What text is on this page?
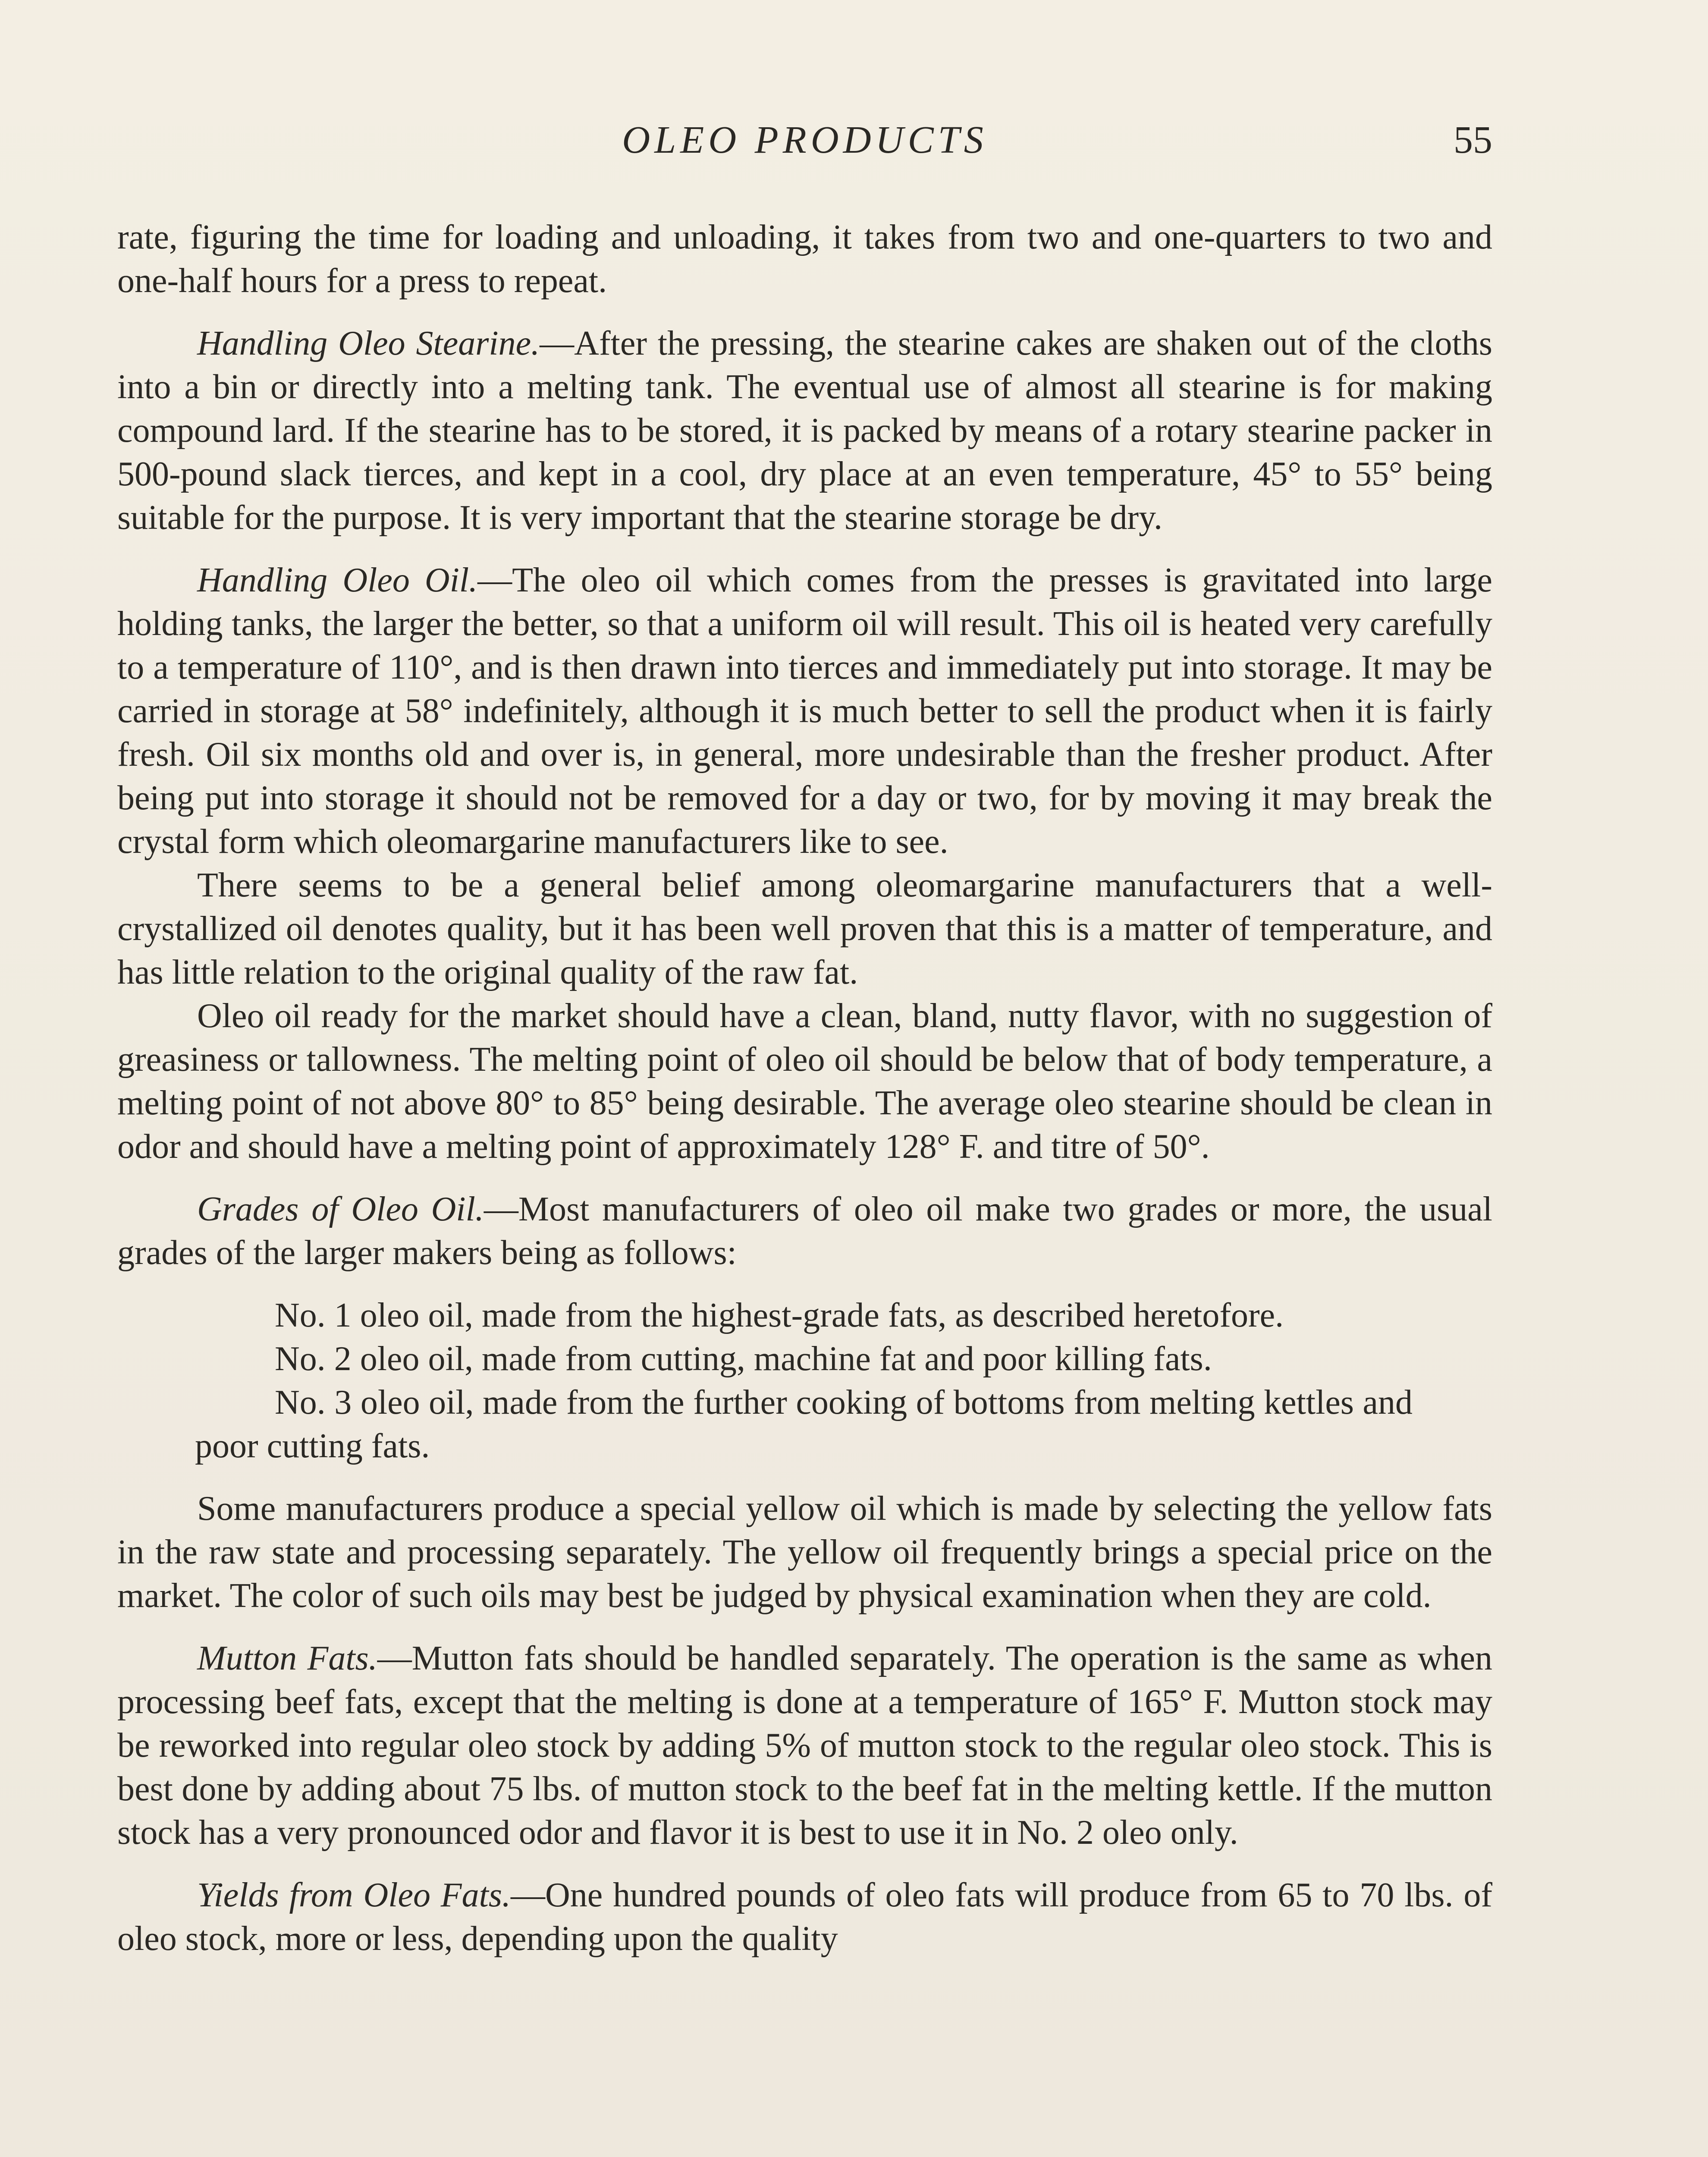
OLEO PRODUCTS	55

rate, figuring the time for loading and unloading, it takes from two and one-quarters to two and one-half hours for a press to repeat.

Handling Oleo Stearine.—After the pressing, the stearine cakes are shaken out of the cloths into a bin or directly into a melting tank. The eventual use of almost all stearine is for making compound lard. If the stearine has to be stored, it is packed by means of a rotary stearine packer in 500-pound slack tierces, and kept in a cool, dry place at an even temperature, 45° to 55° being suitable for the purpose. It is very important that the stearine storage be dry.

Handling Oleo Oil.—The oleo oil which comes from the presses is gravitated into large holding tanks, the larger the better, so that a uniform oil will result. This oil is heated very carefully to a temperature of 110°, and is then drawn into tierces and immediately put into storage. It may be carried in storage at 58° indefinitely, although it is much better to sell the product when it is fairly fresh. Oil six months old and over is, in general, more undesirable than the fresher product. After being put into storage it should not be removed for a day or two, for by moving it may break the crystal form which oleomargarine manufacturers like to see.

There seems to be a general belief among oleomargarine manufacturers that a well-crystallized oil denotes quality, but it has been well proven that this is a matter of temperature, and has little relation to the original quality of the raw fat.

Oleo oil ready for the market should have a clean, bland, nutty flavor, with no suggestion of greasiness or tallowness. The melting point of oleo oil should be below that of body temperature, a melting point of not above 80° to 85° being desirable. The average oleo stearine should be clean in odor and should have a melting point of approximately 128° F. and titre of 50°.

Grades of Oleo Oil.—Most manufacturers of oleo oil make two grades or more, the usual grades of the larger makers being as follows:

No. 1 oleo oil, made from the highest-grade fats, as described heretofore.

No. 2 oleo oil, made from cutting, machine fat and poor killing fats.

No. 3 oleo oil, made from the further cooking of bottoms from melting kettles and poor cutting fats.

Some manufacturers produce a special yellow oil which is made by selecting the yellow fats in the raw state and processing separately. The yellow oil frequently brings a special price on the market. The color of such oils may best be judged by physical examination when they are cold.

Mutton Fats.—Mutton fats should be handled separately. The operation is the same as when processing beef fats, except that the melting is done at a temperature of 165° F. Mutton stock may be reworked into regular oleo stock by adding 5% of mutton stock to the regular oleo stock. This is best done by adding about 75 lbs. of mutton stock to the beef fat in the melting kettle. If the mutton stock has a very pronounced odor and flavor it is best to use it in No. 2 oleo only.

Yields from Oleo Fats.—One hundred pounds of oleo fats will produce from 65 to 70 lbs. of oleo stock, more or less, depending upon the quality
